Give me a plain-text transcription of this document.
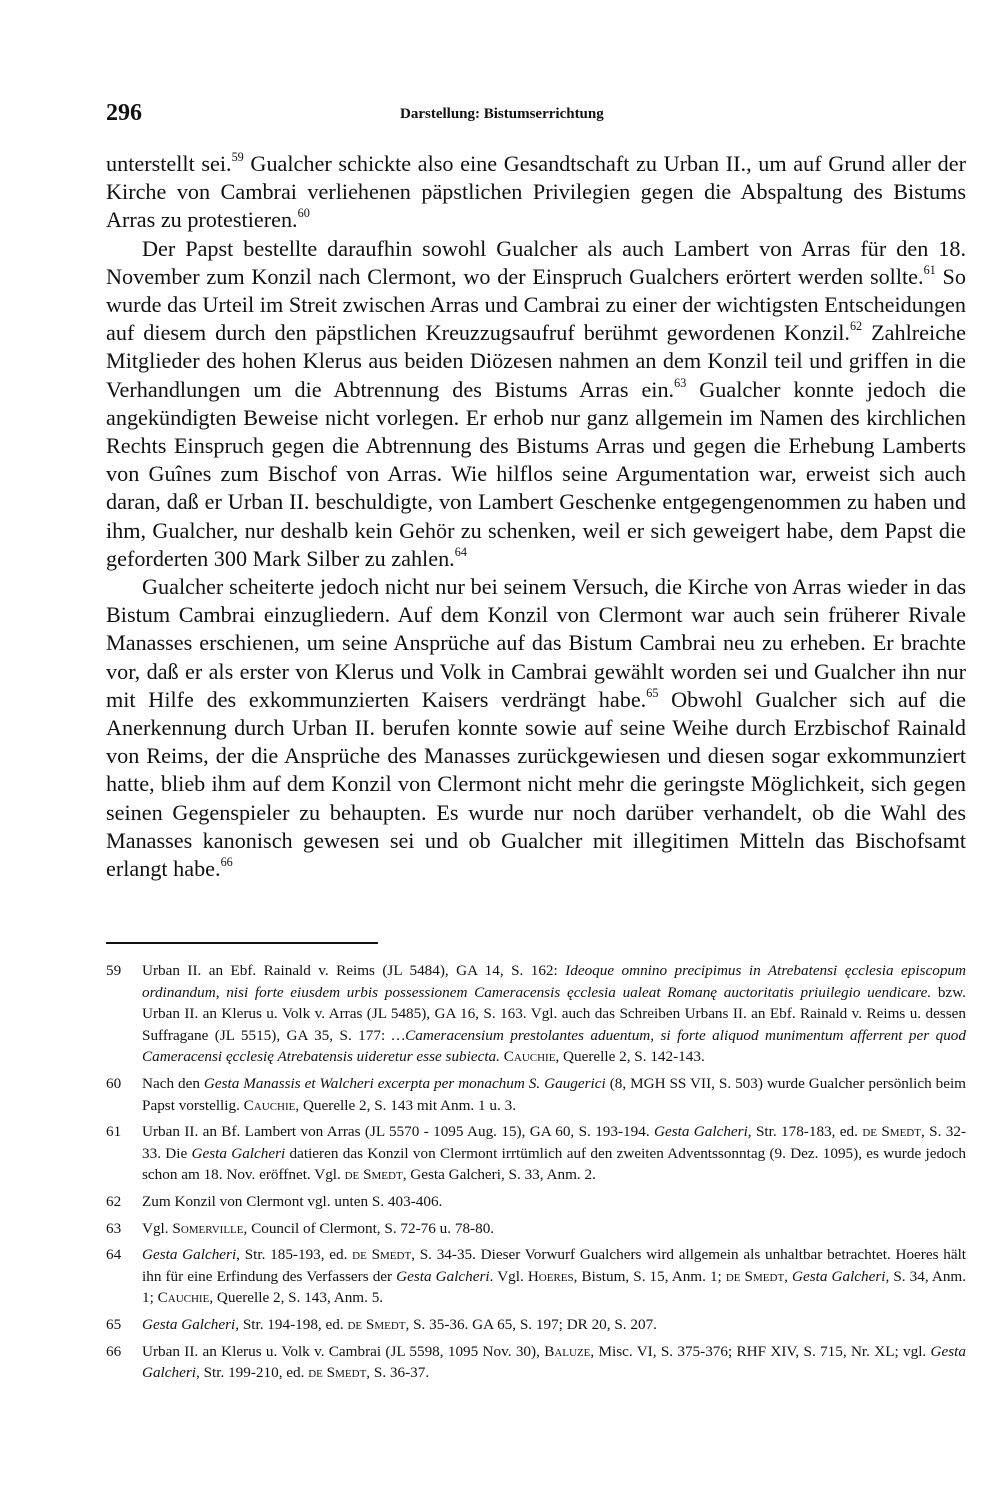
296	Darstellung: Bistumserrichtung

unterstellt sei.$^{59}$ Gualcher schickte also eine Gesandtschaft zu Urban II., um auf Grund aller der Kirche von Cambrai verliehenen päpstlichen Privilegien gegen die Abspaltung des Bistums Arras zu protestieren.$^{60}$

Der Papst bestellte daraufhin sowohl Gualcher als auch Lambert von Arras für den 18. November zum Konzil nach Clermont, wo der Einspruch Gualchers erörtert werden sollte.$^{61}$ So wurde das Urteil im Streit zwischen Arras und Cambrai zu einer der wichtigsten Entscheidungen auf diesem durch den päpstlichen Kreuzzugsaufruf berühmt gewordenen Konzil.$^{62}$ Zahlreiche Mitglieder des hohen Klerus aus beiden Diözesen nahmen an dem Konzil teil und griffen in die Verhandlungen um die Abtrennung des Bistums Arras ein.$^{63}$ Gualcher konnte jedoch die angekündigten Beweise nicht vorlegen. Er erhob nur ganz allgemein im Namen des kirchlichen Rechts Einspruch gegen die Abtrennung des Bistums Arras und gegen die Erhebung Lamberts von Guînes zum Bischof von Arras. Wie hilflos seine Argumentation war, erweist sich auch daran, daß er Urban II. beschuldigte, von Lambert Geschenke entgegengenommen zu haben und ihm, Gualcher, nur deshalb kein Gehör zu schenken, weil er sich geweigert habe, dem Papst die geforderten 300 Mark Silber zu zahlen.$^{64}$

Gualcher scheiterte jedoch nicht nur bei seinem Versuch, die Kirche von Arras wieder in das Bistum Cambrai einzugliedern. Auf dem Konzil von Clermont war auch sein früherer Rivale Manasses erschienen, um seine Ansprüche auf das Bistum Cambrai neu zu erheben. Er brachte vor, daß er als erster von Klerus und Volk in Cambrai gewählt worden sei und Gualcher ihn nur mit Hilfe des exkommunzierten Kaisers verdrängt habe.$^{65}$ Obwohl Gualcher sich auf die Anerkennung durch Urban II. berufen konnte sowie auf seine Weihe durch Erzbischof Rainald von Reims, der die Ansprüche des Manasses zurückgewiesen und diesen sogar exkommunziert hatte, blieb ihm auf dem Konzil von Clermont nicht mehr die geringste Möglichkeit, sich gegen seinen Gegenspieler zu behaupten. Es wurde nur noch darüber verhandelt, ob die Wahl des Manasses kanonisch gewesen sei und ob Gualcher mit illegitimen Mitteln das Bischofsamt erlangt habe.$^{66}$

59 Urban II. an Ebf. Rainald v. Reims (JL 5484), GA 14, S. 162: Ideoque omnino precipimus in Atrebatensi ęcclesia episcopum ordinandum, nisi forte eiusdem urbis possessionem Cameracensis ęcclesia ualeat Romanę auctoritatis priuilegio uendicare. bzw. Urban II. an Klerus u. Volk v. Arras (JL 5485), GA 16, S. 163. Vgl. auch das Schreiben Urbans II. an Ebf. Rainald v. Reims u. dessen Suffragane (JL 5515), GA 35, S. 177: …Cameracensium prestolantes aduentum, si forte aliquod munimentum afferrent per quod Cameracensi ęcclesię Atrebatensis uideretur esse subiecta. Cauchie, Querelle 2, S. 142-143.
60 Nach den Gesta Manassis et Walcheri excerpta per monachum S. Gaugerici (8, MGH SS VII, S. 503) wurde Gualcher persönlich beim Papst vorstellig. Cauchie, Querelle 2, S. 143 mit Anm. 1 u. 3.
61 Urban II. an Bf. Lambert von Arras (JL 5570 - 1095 Aug. 15), GA 60, S. 193-194. Gesta Galcheri, Str. 178-183, ed. de Smedt, S. 32-33. Die Gesta Galcheri datieren das Konzil von Clermont irrtümlich auf den zweiten Adventssonntag (9. Dez. 1095), es wurde jedoch schon am 18. Nov. eröffnet. Vgl. de Smedt, Gesta Galcheri, S. 33, Anm. 2.
62 Zum Konzil von Clermont vgl. unten S. 403-406.
63 Vgl. Somerville, Council of Clermont, S. 72-76 u. 78-80.
64 Gesta Galcheri, Str. 185-193, ed. de Smedt, S. 34-35. Dieser Vorwurf Gualchers wird allgemein als unhaltbar betrachtet. Hoeres hält ihn für eine Erfindung des Verfassers der Gesta Galcheri. Vgl. Hoeres, Bistum, S. 15, Anm. 1; de Smedt, Gesta Galcheri, S. 34, Anm. 1; Cauchie, Querelle 2, S. 143, Anm. 5.
65 Gesta Galcheri, Str. 194-198, ed. de Smedt, S. 35-36. GA 65, S. 197; DR 20, S. 207.
66 Urban II. an Klerus u. Volk v. Cambrai (JL 5598, 1095 Nov. 30), Baluze, Misc. VI, S. 375-376; RHF XIV, S. 715, Nr. XL; vgl. Gesta Galcheri, Str. 199-210, ed. de Smedt, S. 36-37.
